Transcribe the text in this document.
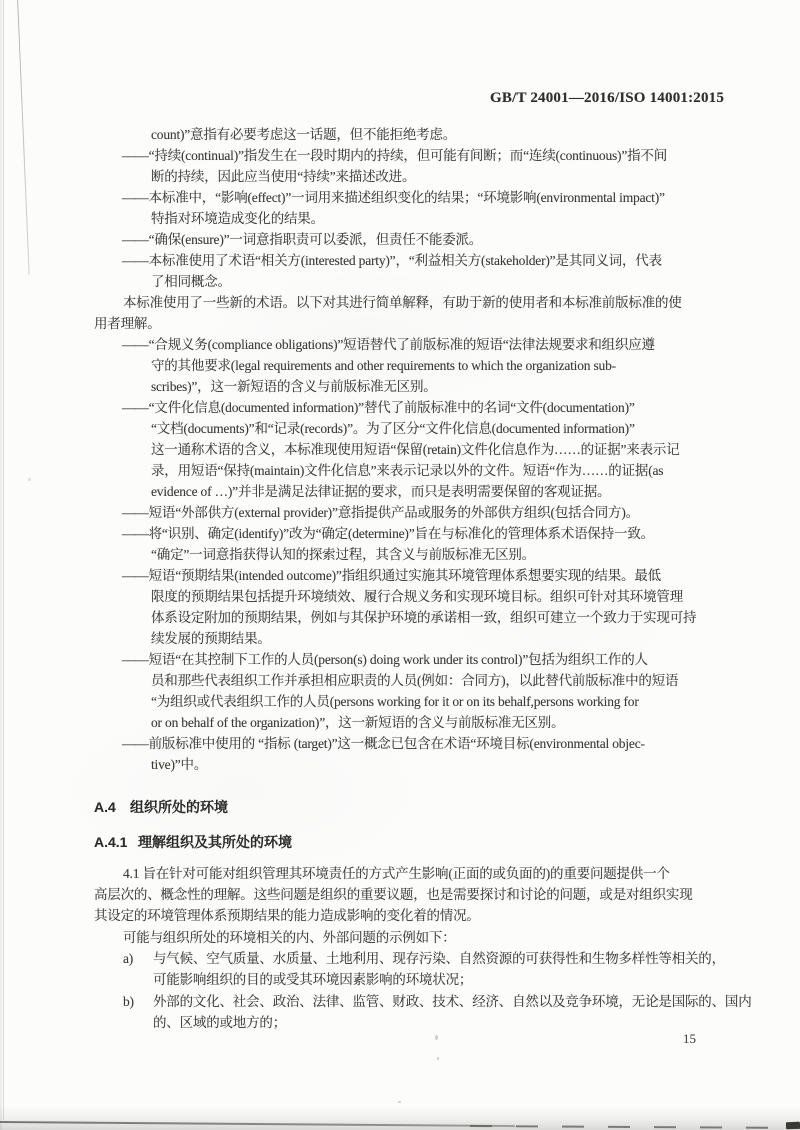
GB/T 24001—2016/ISO 14001:2015
count)”意指有必要考虑这一话题，但不能拒绝考虑。
——“持续(continual)”指发生在一段时期内的持续，但可能有间断；而“连续(continuous)”指不间
断的持续，因此应当使用“持续”来描述改进。
——本标准中，“影响(effect)”一词用来描述组织变化的结果；“环境影响(environmental impact)”
特指对环境造成变化的结果。
——“确保(ensure)”一词意指职责可以委派，但责任不能委派。
——本标准使用了术语“相关方(interested party)”，“利益相关方(stakeholder)”是其同义词，代表
了相同概念。
本标准使用了一些新的术语。以下对其进行简单解释，有助于新的使用者和本标准前版标准的使
用者理解。
——“合规义务(compliance obligations)”短语替代了前版标准的短语“法律法规要求和组织应遵
守的其他要求(legal requirements and other requirements to which the organization sub-
scribes)”，这一新短语的含义与前版标准无区别。
——“文件化信息(documented information)”替代了前版标准中的名词“文件(documentation)”
“文档(documents)”和“记录(records)”。为了区分“文件化信息(documented information)”
这一通称术语的含义，本标准现使用短语“保留(retain)文件化信息作为……的证据”来表示记
录，用短语“保持(maintain)文件化信息”来表示记录以外的文件。短语“作为……的证据(as
evidence of …)”并非是满足法律证据的要求，而只是表明需要保留的客观证据。
——短语“外部供方(external provider)”意指提供产品或服务的外部供方组织(包括合同方)。
——将“识别、确定(identify)”改为“确定(determine)”旨在与标准化的管理体系术语保持一致。
“确定”一词意指获得认知的探索过程，其含义与前版标准无区别。
——短语“预期结果(intended outcome)”指组织通过实施其环境管理体系想要实现的结果。最低
限度的预期结果包括提升环境绩效、履行合规义务和实现环境目标。组织可针对其环境管理
体系设定附加的预期结果，例如与其保护环境的承诺相一致，组织可建立一个致力于实现可持
续发展的预期结果。
——短语“在其控制下工作的人员(person(s) doing work under its control)”包括为组织工作的人
员和那些代表组织工作并承担相应职责的人员(例如：合同方)，以此替代前版标准中的短语
“为组织或代表组织工作的人员(persons working for it or on its behalf,persons working for
or on behalf of the organization)”，这一新短语的含义与前版标准无区别。
——前版标准中使用的 “指标 (target)”这一概念已包含在术语“环境目标(environmental objec-
tive)”中。
A.4 组织所处的环境
A.4.1 理解组织及其所处的环境
4.1 旨在针对可能对组织管理其环境责任的方式产生影响(正面的或负面的)的重要问题提供一个
高层次的、概念性的理解。这些问题是组织的重要议题，也是需要探讨和讨论的问题，或是对组织实现
其设定的环境管理体系预期结果的能力造成影响的变化着的情况。
可能与组织所处的环境相关的内、外部问题的示例如下：
a) 与气候、空气质量、水质量、土地利用、现存污染、自然资源的可获得性和生物多样性等相关的，
可能影响组织的目的或受其环境因素影响的环境状况；
b) 外部的文化、社会、政治、法律、监管、财政、技术、经济、自然以及竞争环境，无论是国际的、国内
的、区域的或地方的；
15
